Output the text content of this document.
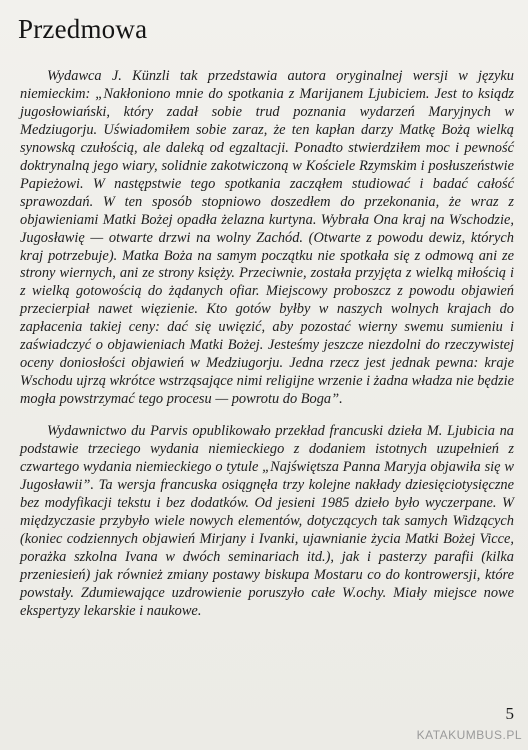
Przedmowa

Wydawca J. Künzli tak przedstawia autora oryginalnej wersji w języku niemieckim: „Nakłoniono mnie do spotkania z Marijanem Ljubiciem. Jest to ksiądz jugosłowiański, który zadał sobie trud poznania wydarzeń Maryjnych w Medziugorju. Uświadomiłem sobie zaraz, że ten kapłan darzy Matkę Bożą wielką synowską czułością, ale daleką od egzaltacji. Ponadto stwierdziłem moc i pewność doktrynalną jego wiary, solidnie zakotwiczoną w Kościele Rzymskim i posłuszeństwie Papieżowi. W następstwie tego spotkania zacząłem studiować i badać całość sprawozdań. W ten sposób stopniowo doszedłem do przekonania, że wraz z objawieniami Matki Bożej opadła żelazna kurtyna. Wybrała Ona kraj na Wschodzie, Jugosławię — otwarte drzwi na wolny Zachód. (Otwarte z powodu dewiz, których kraj potrzebuje). Matka Boża na samym początku nie spotkała się z odmową ani ze strony wiernych, ani ze strony księży. Przeciwnie, została przyjęta z wielką miłością i z wielką gotowością do żądanych ofiar. Miejscowy proboszcz z powodu objawień przecierpiał nawet więzienie. Kto gotów byłby w naszych wolnych krajach do zapłacenia takiej ceny: dać się uwięzić, aby pozostać wierny swemu sumieniu i zaświadczyć o objawieniach Matki Bożej. Jesteśmy jeszcze niezdolni do rzeczywistej oceny doniosłości objawień w Medziugorju. Jedna rzecz jest jednak pewna: kraje Wschodu ujrzą wkrótce wstrząsające nimi religijne wrzenie i żadna władza nie będzie mogła powstrzymać tego procesu — powrotu do Boga”.

Wydawnictwo du Parvis opublikowało przekład francuski dzieła M. Ljubicia na podstawie trzeciego wydania niemieckiego z dodaniem istotnych uzupełnień z czwartego wydania niemieckiego o tytule „Najświętsza Panna Maryja objawiła się w Jugosławii”. Ta wersja francuska osiągnęła trzy kolejne nakłady dziesięciotysięczne bez modyfikacji tekstu i bez dodatków. Od jesieni 1985 dzieło było wyczerpane. W międzyczasie przybyło wiele nowych elementów, dotyczących tak samych Widzących (koniec codziennych objawień Mirjany i Ivanki, ujawnianie życia Matki Bożej Vicce, porażka szkolna Ivana w dwóch seminariach itd.), jak i pasterzy parafii (kilka przeniesień) jak również zmiany postawy biskupa Mostaru co do kontrowersji, które powstały. Zdumiewające uzdrowienie poruszyło całe W.ochy. Miały miejsce nowe ekspertyzy lekarskie i naukowe.

5
KATAKUMBUS.PL
